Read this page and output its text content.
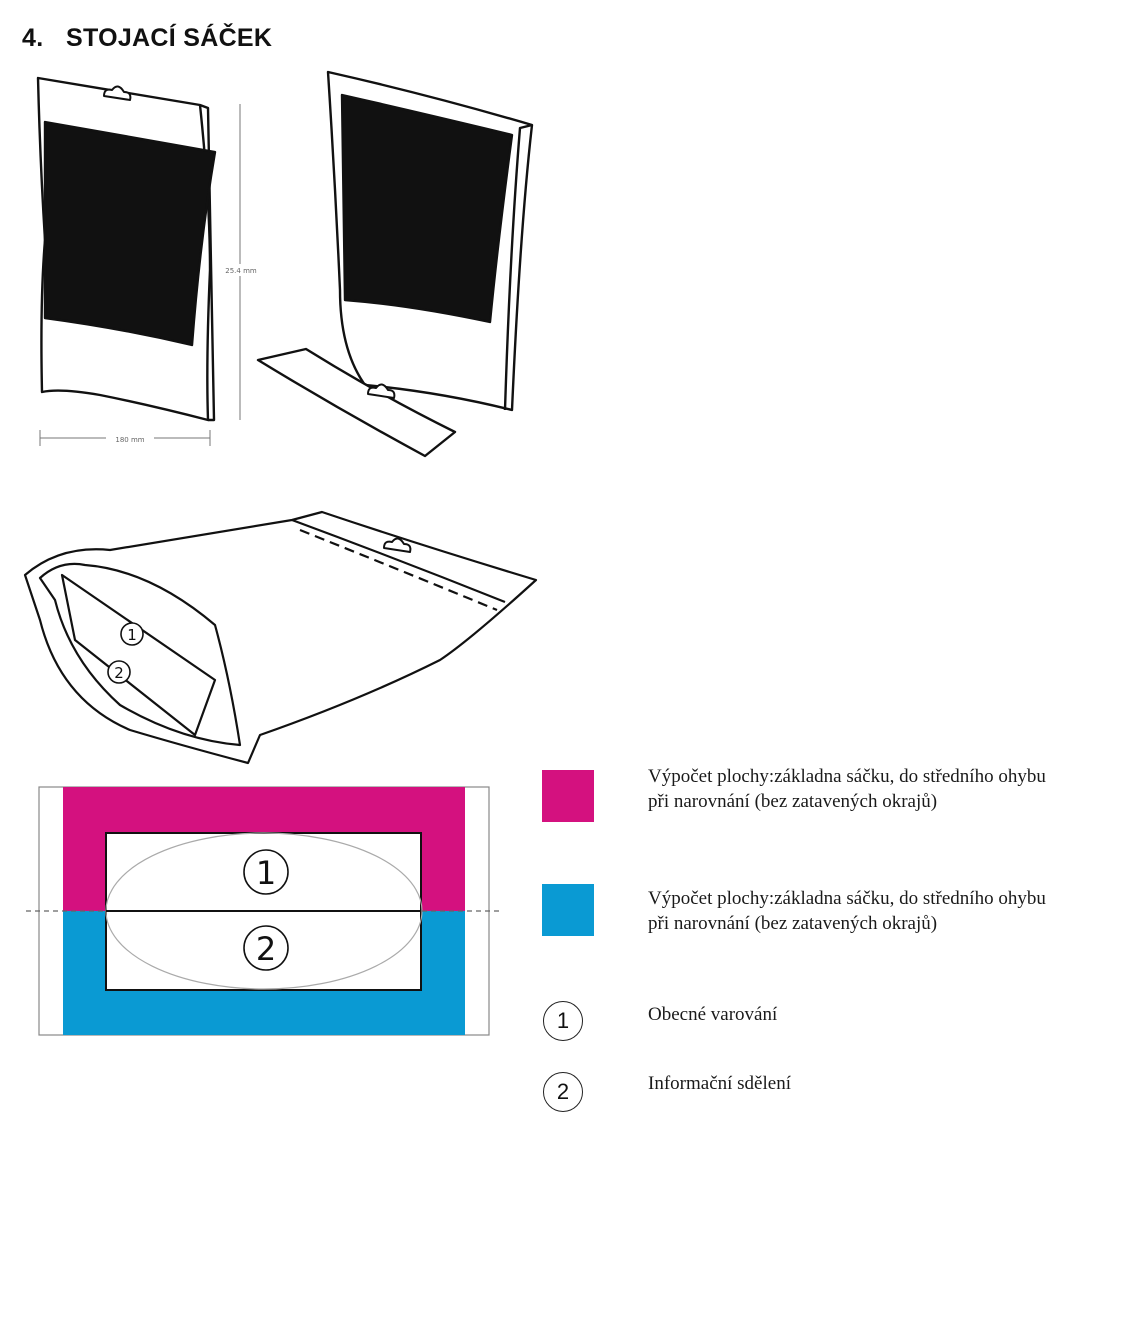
4. STOJACÍ SÁČEK
25.4 mm
180 mm
1
2
1
2
Výpočet plochy:základna sáčku, do středního ohybu
při narovnání (bez zatavených okrajů)
Výpočet plochy:základna sáčku, do středního ohybu
při narovnání (bez zatavených okrajů)
1	Obecné varování
2	Informační sdělení
